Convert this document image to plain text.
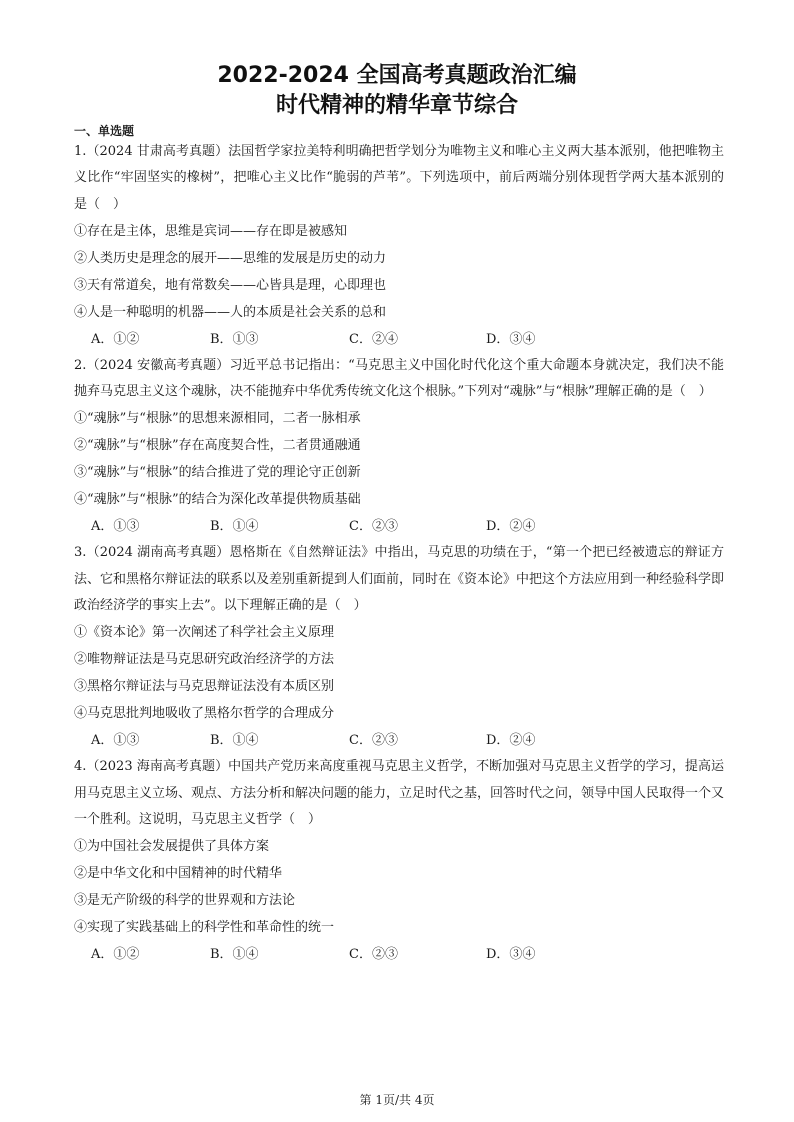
2022-2024 全国高考真题政治汇编
时代精神的精华章节综合
一、单选题

1.（2024 甘肃高考真题）法国哲学家拉美特利明确把哲学划分为唯物主义和唯心主义两大基本派别，他把唯物主义比作“牢固坚实的橡树”，把唯心主义比作“脆弱的芦苇”。下列选项中，前后两端分别体现哲学两大基本派别的是（　）

①存在是主体，思维是宾词——存在即是被感知
②人类历史是理念的展开——思维的发展是历史的动力
③天有常道矣，地有常数矣——心皆具是理，心即理也
④人是一种聪明的机器——人的本质是社会关系的总和
A．①②	B．①③	C．②④	D．③④

2.（2024 安徽高考真题）习近平总书记指出：“马克思主义中国化时代化这个重大命题本身就决定，我们决不能抛弃马克思主义这个魂脉，决不能抛弃中华优秀传统文化这个根脉。”下列对“魂脉”与“根脉”理解正确的是（　）

①“魂脉”与“根脉”的思想来源相同，二者一脉相承
②“魂脉”与“根脉”存在高度契合性，二者贯通融通
③“魂脉”与“根脉”的结合推进了党的理论守正创新
④“魂脉”与“根脉”的结合为深化改革提供物质基础
A．①③	B．①④	C．②③	D．②④

3.（2024 湖南高考真题）恩格斯在《自然辩证法》中指出，马克思的功绩在于，“第一个把已经被遗忘的辩证方法、它和黑格尔辩证法的联系以及差别重新提到人们面前，同时在《资本论》中把这个方法应用到一种经验科学即政治经济学的事实上去”。以下理解正确的是（　）

①《资本论》第一次阐述了科学社会主义原理
②唯物辩证法是马克思研究政治经济学的方法
③黑格尔辩证法与马克思辩证法没有本质区别
④马克思批判地吸收了黑格尔哲学的合理成分
A．①③	B．①④	C．②③	D．②④

4.（2023 海南高考真题）中国共产党历来高度重视马克思主义哲学，不断加强对马克思主义哲学的学习，提高运用马克思主义立场、观点、方法分析和解决问题的能力，立足时代之基，回答时代之问，领导中国人民取得一个又一个胜利。这说明，马克思主义哲学（　）

①为中国社会发展提供了具体方案
②是中华文化和中国精神的时代精华
③是无产阶级的科学的世界观和方法论
④实现了实践基础上的科学性和革命性的统一
A．①②	B．①④	C．②③	D．③④
第 1页/共 4页
